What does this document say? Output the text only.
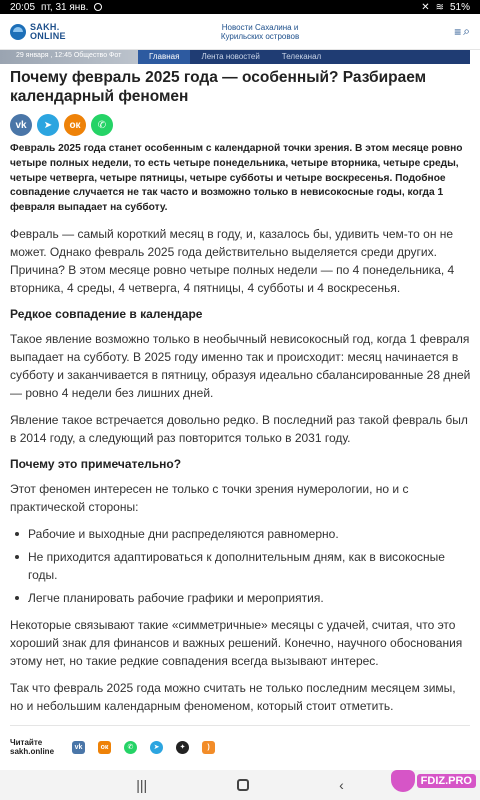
20:05 пт, 31 янв.	✕ ≋ 51%
SAKH.
ONLINE
Новости Сахалина и
Курильских островов	≡ ⌕
29 января , 12:45 Общество Фот	Главная	Лента новостей	Телеканал
Почему февраль 2025 года — особенный? Разбираем календарный феномен
vk ➤ ок ✆

Февраль 2025 года станет особенным с календарной точки зрения. В этом месяце ровно четыре полных недели, то есть четыре понедельника, четыре вторника, четыре среды, четыре четверга, четыре пятницы, четыре субботы и четыре воскресенья. Подобное совпадение случается не так часто и возможно только в невисокосные годы, когда 1 февраля выпадает на субботу.

Февраль — самый короткий месяц в году, и, казалось бы, удивить чем-то он не может. Однако февраль 2025 года действительно выделяется среди других. Причина? В этом месяце ровно четыре полных недели — по 4 понедельника, 4 вторника, 4 среды, 4 четверга, 4 пятницы, 4 субботы и 4 воскресенья.

Редкое совпадение в календаре

Такое явление возможно только в необычный невисокосный год, когда 1 февраля выпадает на субботу. В 2025 году именно так и происходит: месяц начинается в субботу и заканчивается в пятницу, образуя идеально сбалансированные 28 дней — ровно 4 недели без лишних дней.

Явление такое встречается довольно редко. В последний раз такой февраль был в 2014 году, а следующий раз повторится только в 2031 году.

Почему это примечательно?

Этот феномен интересен не только с точки зрения нумерологии, но и с практической стороны:

Рабочие и выходные дни распределяются равномерно.
Не приходится адаптироваться к дополнительным дням, как в високосные годы.
Легче планировать рабочие графики и мероприятия.

Некоторые связывают такие «симметричные» месяцы с удачей, считая, что это хороший знак для финансов и важных решений. Конечно, научного обоснования этому нет, но такие редкие совпадения всегда вызывают интерес.

Так что февраль 2025 года можно считать не только последним месяцем зимы, но и небольшим календарным феноменом, который стоит отметить.

Читайте
sakh.online	vk	ок	✆	➤	✦	)
|||	‹	FDIZ.PRO
